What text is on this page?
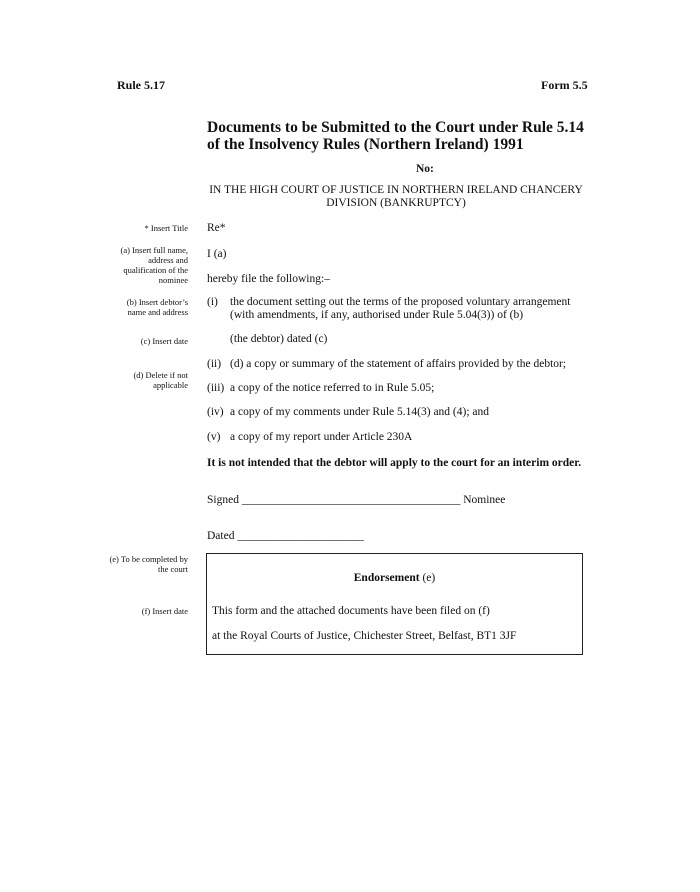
Rule 5.17	Form 5.5
Documents to be Submitted to the Court under Rule 5.14 of the Insolvency Rules (Northern Ireland) 1991
No:
IN THE HIGH COURT OF JUSTICE IN NORTHERN IRELAND CHANCERY DIVISION (BANKRUPTCY)
* Insert Title
(a) Insert full name, address and qualification of the nominee
(b) Insert debtor’s name and address
(c) Insert date
(d) Delete if not applicable
(e) To be completed by the court
(f) Insert date
Re*
I (a)
hereby file the following:–
(i) the document setting out the terms of the proposed voluntary arrangement (with amendments, if any, authorised under Rule 5.04(3)) of (b)
(the debtor) dated (c)
(ii) (d) a copy or summary of the statement of affairs provided by the debtor;
(iii) a copy of the notice referred to in Rule 5.05;
(iv) a copy of my comments under Rule 5.14(3) and (4); and
(v) a copy of my report under Article 230A
It is not intended that the debtor will apply to the court for an interim order.
Signed ______________________________________ Nominee
Dated ______________________
Endorsement (e)
This form and the attached documents have been filed on (f)
at the Royal Courts of Justice, Chichester Street, Belfast, BT1 3JF
